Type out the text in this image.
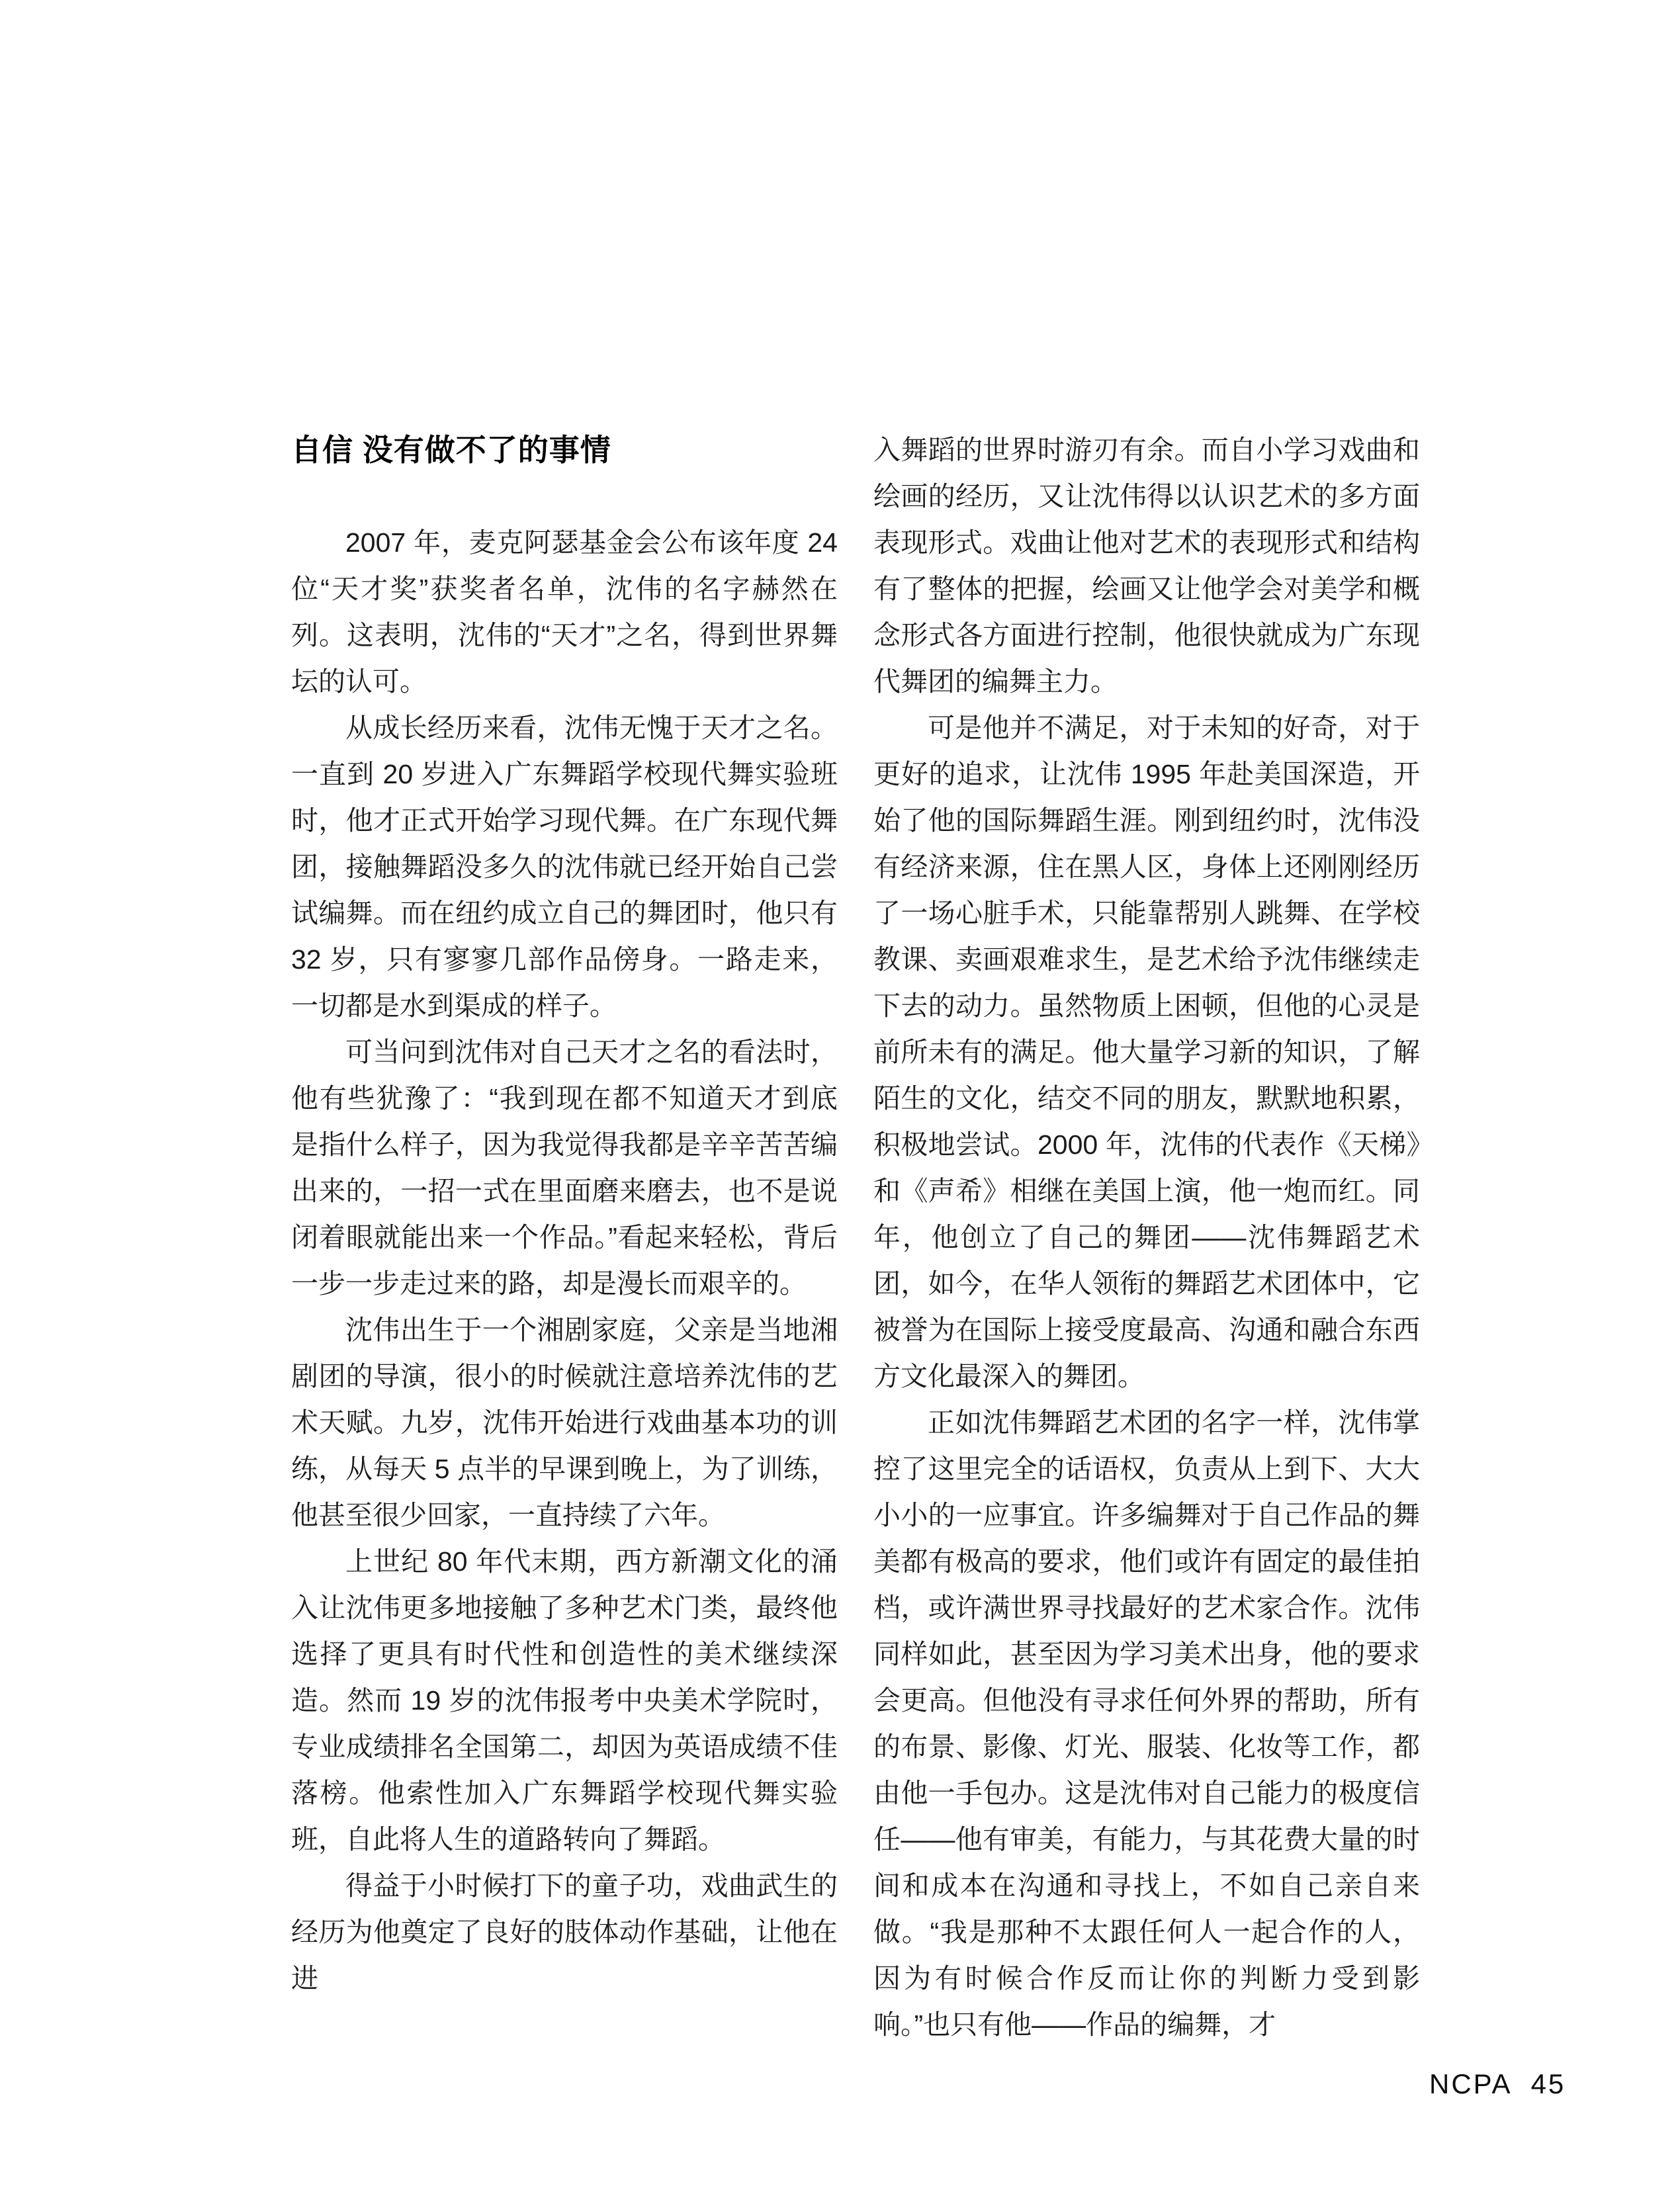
自信 没有做不了的事情

2007 年，麦克阿瑟基金会公布该年度 24 位“天才奖”获奖者名单，沈伟的名字赫然在列。这表明，沈伟的“天才”之名，得到世界舞坛的认可。

从成长经历来看，沈伟无愧于天才之名。一直到 20 岁进入广东舞蹈学校现代舞实验班时，他才正式开始学习现代舞。在广东现代舞团，接触舞蹈没多久的沈伟就已经开始自己尝试编舞。而在纽约成立自己的舞团时，他只有 32 岁，只有寥寥几部作品傍身。一路走来，一切都是水到渠成的样子。

可当问到沈伟对自己天才之名的看法时，他有些犹豫了：“我到现在都不知道天才到底是指什么样子，因为我觉得我都是辛辛苦苦编出来的，一招一式在里面磨来磨去，也不是说闭着眼就能出来一个作品。”看起来轻松，背后一步一步走过来的路，却是漫长而艰辛的。

沈伟出生于一个湘剧家庭，父亲是当地湘剧团的导演，很小的时候就注意培养沈伟的艺术天赋。九岁，沈伟开始进行戏曲基本功的训练，从每天 5 点半的早课到晚上，为了训练，他甚至很少回家，一直持续了六年。

上世纪 80 年代末期，西方新潮文化的涌入让沈伟更多地接触了多种艺术门类，最终他选择了更具有时代性和创造性的美术继续深造。然而 19 岁的沈伟报考中央美术学院时，专业成绩排名全国第二，却因为英语成绩不佳落榜。他索性加入广东舞蹈学校现代舞实验班，自此将人生的道路转向了舞蹈。

得益于小时候打下的童子功，戏曲武生的经历为他奠定了良好的肢体动作基础，让他在进

入舞蹈的世界时游刃有余。而自小学习戏曲和绘画的经历，又让沈伟得以认识艺术的多方面表现形式。戏曲让他对艺术的表现形式和结构有了整体的把握，绘画又让他学会对美学和概念形式各方面进行控制，他很快就成为广东现代舞团的编舞主力。

可是他并不满足，对于未知的好奇，对于更好的追求，让沈伟 1995 年赴美国深造，开始了他的国际舞蹈生涯。刚到纽约时，沈伟没有经济来源，住在黑人区，身体上还刚刚经历了一场心脏手术，只能靠帮别人跳舞、在学校教课、卖画艰难求生，是艺术给予沈伟继续走下去的动力。虽然物质上困顿，但他的心灵是前所未有的满足。他大量学习新的知识，了解陌生的文化，结交不同的朋友，默默地积累，积极地尝试。2000 年，沈伟的代表作《天梯》和《声希》相继在美国上演，他一炮而红。同年，他创立了自己的舞团——沈伟舞蹈艺术团，如今，在华人领衔的舞蹈艺术团体中，它被誉为在国际上接受度最高、沟通和融合东西方文化最深入的舞团。

正如沈伟舞蹈艺术团的名字一样，沈伟掌控了这里完全的话语权，负责从上到下、大大小小的一应事宜。许多编舞对于自己作品的舞美都有极高的要求，他们或许有固定的最佳拍档，或许满世界寻找最好的艺术家合作。沈伟同样如此，甚至因为学习美术出身，他的要求会更高。但他没有寻求任何外界的帮助，所有的布景、影像、灯光、服装、化妆等工作，都由他一手包办。这是沈伟对自己能力的极度信任——他有审美，有能力，与其花费大量的时间和成本在沟通和寻找上，不如自己亲自来做。“我是那种不太跟任何人一起合作的人，因为有时候合作反而让你的判断力受到影响。”也只有他——作品的编舞，才

NCPA 45
